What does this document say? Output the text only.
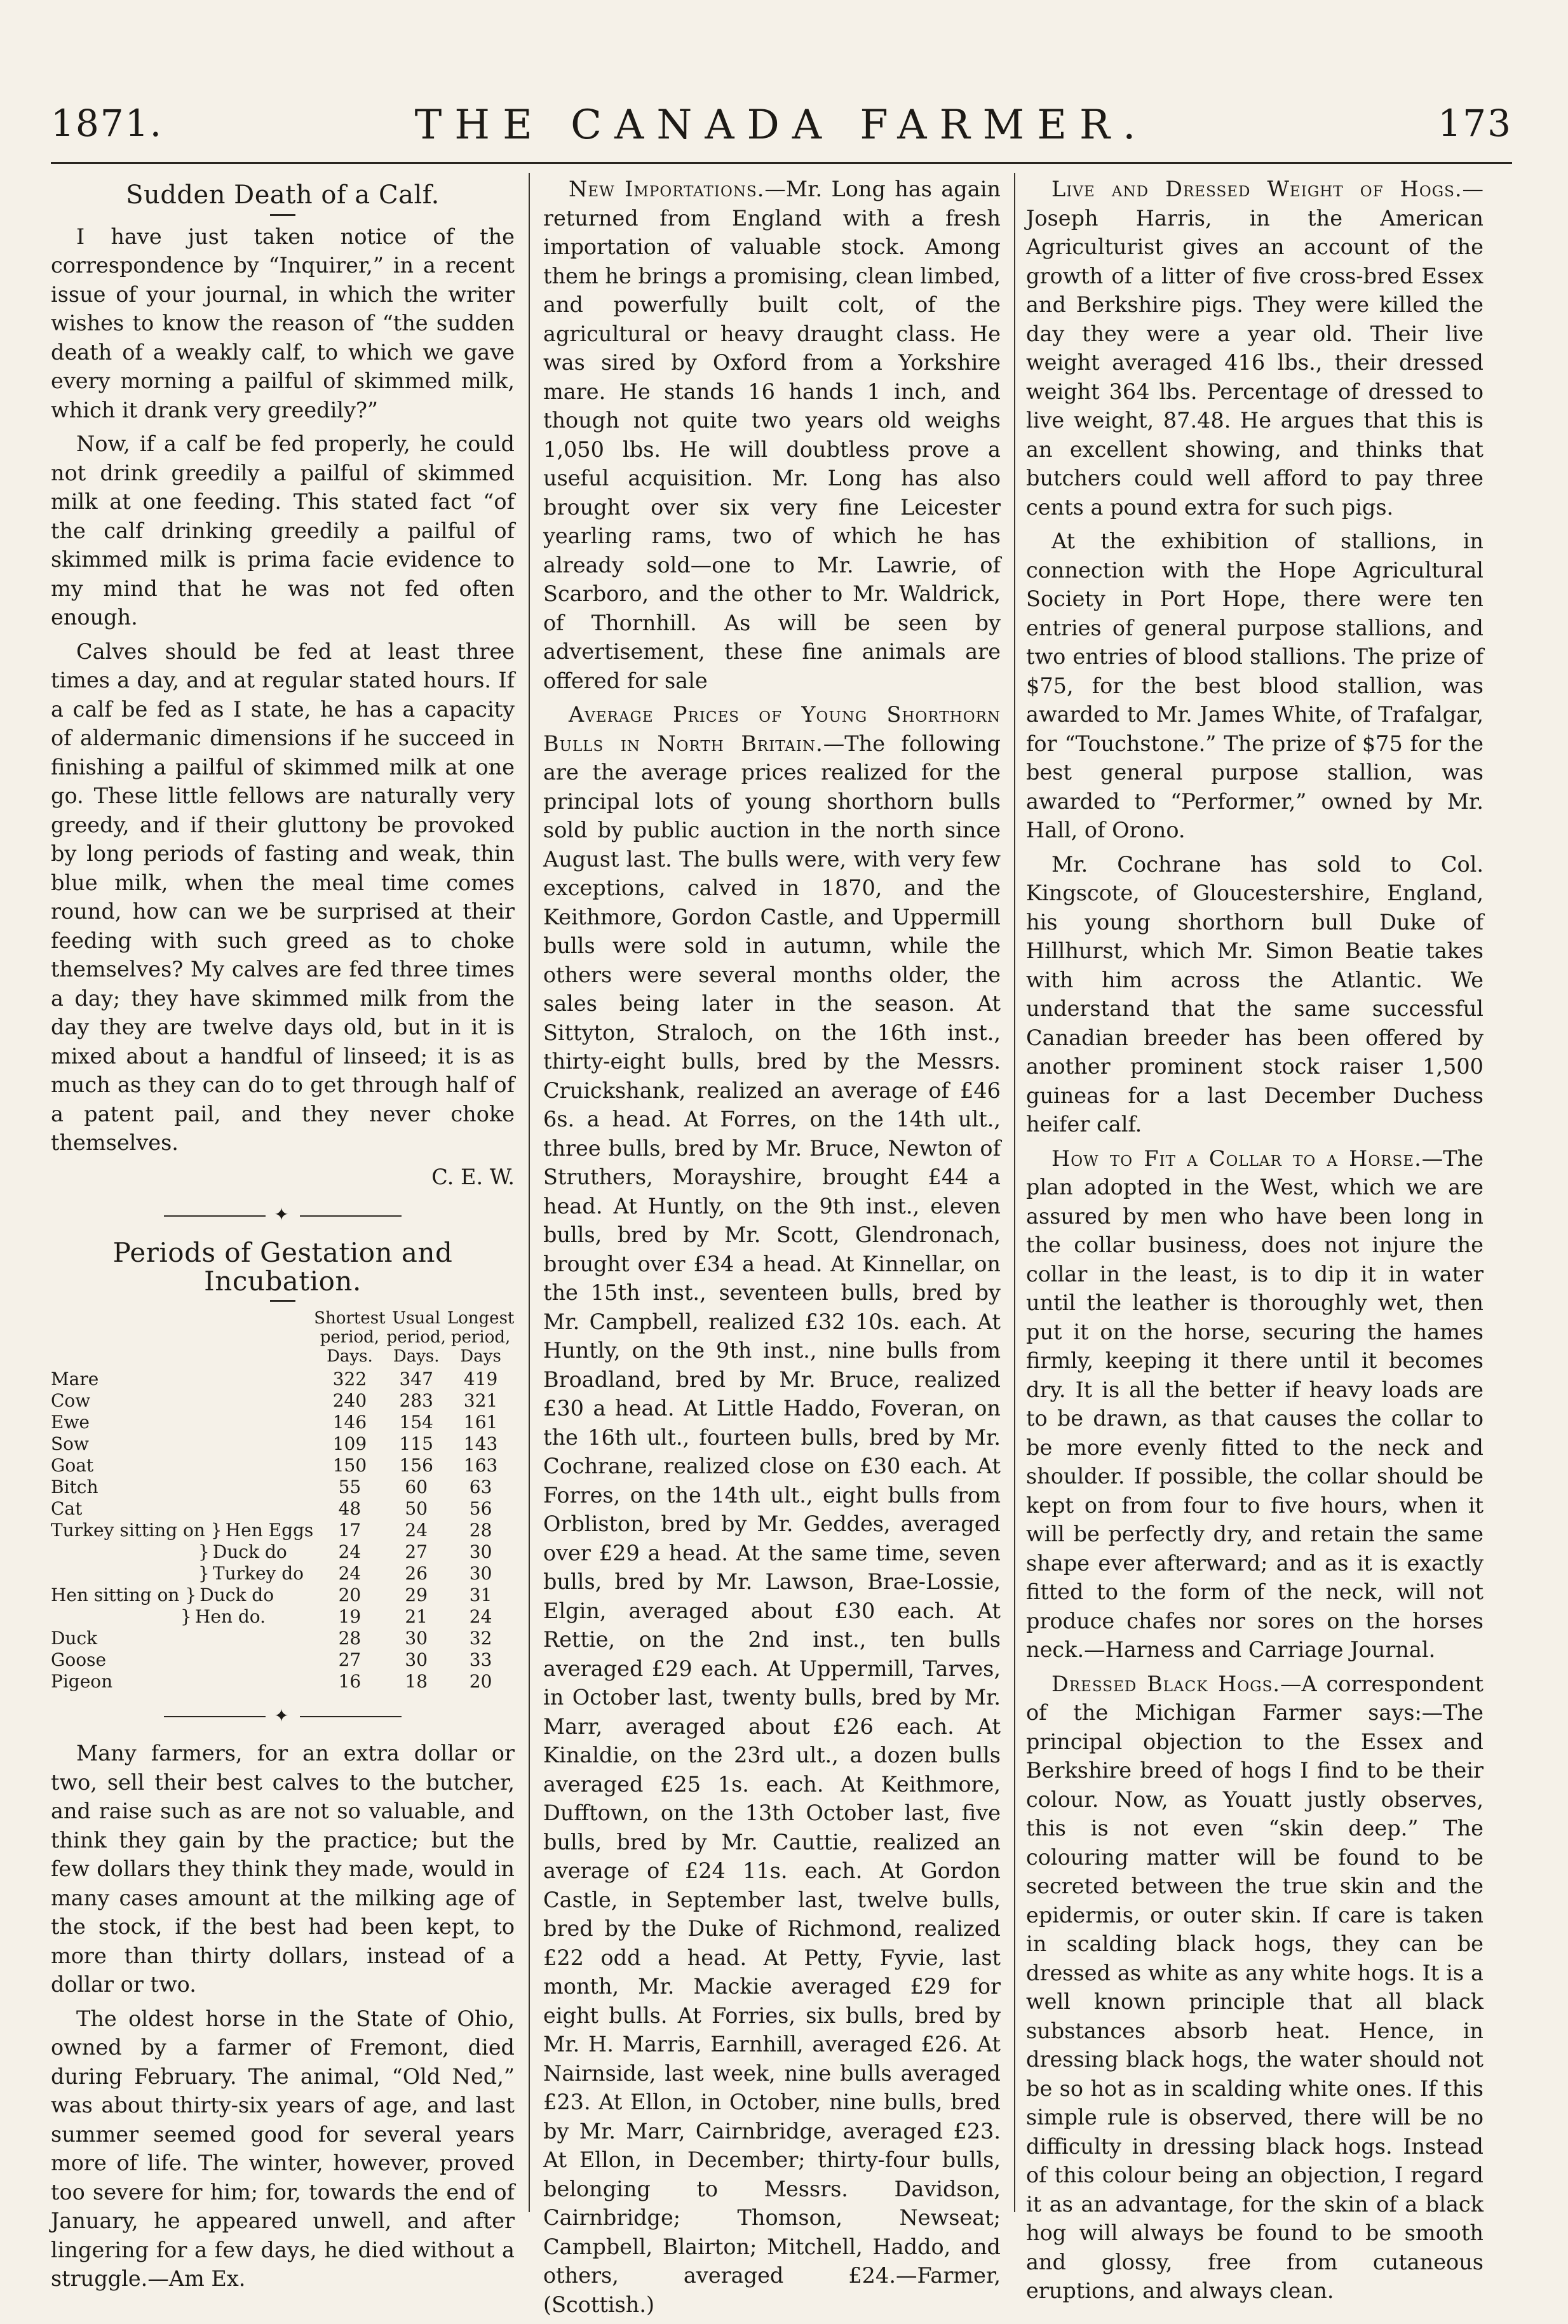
1871.	THE CANADA FARMER.	173
Sudden Death of a Calf.

I have just taken notice of the correspondence by “Inquirer,” in a recent issue of your journal, in which the writer wishes to know the reason of “the sudden death of a weakly calf, to which we gave every morning a pailful of skimmed milk, which it drank very greedily?”

Now, if a calf be fed properly, he could not drink greedily a pailful of skimmed milk at one feeding. This stated fact “of the calf drinking greedily a pailful of skimmed milk is prima facie evidence to my mind that he was not fed often enough.

Calves should be fed at least three times a day, and at regular stated hours. If a calf be fed as I state, he has a capacity of aldermanic dimensions if he succeed in finishing a pailful of skimmed milk at one go. These little fellows are naturally very greedy, and if their gluttony be provoked by long periods of fasting and weak, thin blue milk, when the meal time comes round, how can we be surprised at their feeding with such greed as to choke themselves? My calves are fed three times a day; they have skimmed milk from the day they are twelve days old, but in it is mixed about a handful of linseed; it is as much as they can do to get through half of a patent pail, and they never choke themselves.

C. E. W.

✦
Periods of Gestation and Incubation.
	Shortest period, Days.	Usual period, Days.	Longest period, Days
Mare	322	347	419
Cow	240	283	321
Ewe	146	154	161
Sow	109	115	143
Goat	150	156	163
Bitch	55	60	63
Cat	48	50	56
Turkey sitting on } Hen Eggs	17	24	28
} Duck do	24	27	30
} Turkey do	24	26	30
Hen sitting on } Duck do	20	29	31
} Hen do.	19	21	24
Duck	28	30	32
Goose	27	30	33
Pigeon	16	18	20
✦

Many farmers, for an extra dollar or two, sell their best calves to the butcher, and raise such as are not so valuable, and think they gain by the practice; but the few dollars they think they made, would in many cases amount at the milking age of the stock, if the best had been kept, to more than thirty dollars, instead of a dollar or two.

The oldest horse in the State of Ohio, owned by a farmer of Fremont, died during February. The animal, “Old Ned,” was about thirty-six years of age, and last summer seemed good for several years more of life. The winter, however, proved too severe for him; for, towards the end of January, he appeared unwell, and after lingering for a few days, he died without a struggle.—Am Ex.

New Importations.—Mr. Long has again returned from England with a fresh importation of valuable stock. Among them he brings a promising, clean limbed, and powerfully built colt, of the agricultural or heavy draught class. He was sired by Oxford from a Yorkshire mare. He stands 16 hands 1 inch, and though not quite two years old weighs 1,050 lbs. He will doubtless prove a useful acquisition. Mr. Long has also brought over six very fine Leicester yearling rams, two of which he has already sold—one to Mr. Lawrie, of Scarboro, and the other to Mr. Waldrick, of Thornhill. As will be seen by advertisement, these fine animals are offered for sale

Average Prices of Young Shorthorn Bulls in North Britain.—The following are the average prices realized for the principal lots of young shorthorn bulls sold by public auction in the north since August last. The bulls were, with very few exceptions, calved in 1870, and the Keithmore, Gordon Castle, and Uppermill bulls were sold in autumn, while the others were several months older, the sales being later in the season. At Sittyton, Straloch, on the 16th inst., thirty-eight bulls, bred by the Messrs. Cruickshank, realized an average of £46 6s. a head. At Forres, on the 14th ult., three bulls, bred by Mr. Bruce, Newton of Struthers, Morayshire, brought £44 a head. At Huntly, on the 9th inst., eleven bulls, bred by Mr. Scott, Glendronach, brought over £34 a head. At Kinnellar, on the 15th inst., seventeen bulls, bred by Mr. Campbell, realized £32 10s. each. At Huntly, on the 9th inst., nine bulls from Broadland, bred by Mr. Bruce, realized £30 a head. At Little Haddo, Foveran, on the 16th ult., fourteen bulls, bred by Mr. Cochrane, realized close on £30 each. At Forres, on the 14th ult., eight bulls from Orbliston, bred by Mr. Geddes, averaged over £29 a head. At the same time, seven bulls, bred by Mr. Lawson, Brae-Lossie, Elgin, averaged about £30 each. At Rettie, on the 2nd inst., ten bulls averaged £29 each. At Uppermill, Tarves, in October last, twenty bulls, bred by Mr. Marr, averaged about £26 each. At Kinaldie, on the 23rd ult., a dozen bulls averaged £25 1s. each. At Keithmore, Dufftown, on the 13th October last, five bulls, bred by Mr. Cauttie, realized an average of £24 11s. each. At Gordon Castle, in September last, twelve bulls, bred by the Duke of Richmond, realized £22 odd a head. At Petty, Fyvie, last month, Mr. Mackie averaged £29 for eight bulls. At Forries, six bulls, bred by Mr. H. Marris, Earnhill, averaged £26. At Nairnside, last week, nine bulls averaged £23. At Ellon, in October, nine bulls, bred by Mr. Marr, Cairnbridge, averaged £23. At Ellon, in December; thirty-four bulls, belonging to Messrs. Davidson, Cairnbridge; Thomson, Newseat; Campbell, Blairton; Mitchell, Haddo, and others, averaged £24.—Farmer, (Scottish.)

Live and Dressed Weight of Hogs.—Joseph Harris, in the American Agriculturist gives an account of the growth of a litter of five cross-bred Essex and Berkshire pigs. They were killed the day they were a year old. Their live weight averaged 416 lbs., their dressed weight 364 lbs. Percentage of dressed to live weight, 87.48. He argues that this is an excellent showing, and thinks that butchers could well afford to pay three cents a pound extra for such pigs.

At the exhibition of stallions, in connection with the Hope Agricultural Society in Port Hope, there were ten entries of general purpose stallions, and two entries of blood stallions. The prize of $75, for the best blood stallion, was awarded to Mr. James White, of Trafalgar, for “Touchstone.” The prize of $75 for the best general purpose stallion, was awarded to “Performer,” owned by Mr. Hall, of Orono.

Mr. Cochrane has sold to Col. Kingscote, of Gloucestershire, England, his young shorthorn bull Duke of Hillhurst, which Mr. Simon Beatie takes with him across the Atlantic. We understand that the same successful Canadian breeder has been offered by another prominent stock raiser 1,500 guineas for a last December Duchess heifer calf.

How to Fit a Collar to a Horse.—The plan adopted in the West, which we are assured by men who have been long in the collar business, does not injure the collar in the least, is to dip it in water until the leather is thoroughly wet, then put it on the horse, securing the hames firmly, keeping it there until it becomes dry. It is all the better if heavy loads are to be drawn, as that causes the collar to be more evenly fitted to the neck and shoulder. If possible, the collar should be kept on from four to five hours, when it will be perfectly dry, and retain the same shape ever afterward; and as it is exactly fitted to the form of the neck, will not produce chafes nor sores on the horses neck.—Harness and Carriage Journal.

Dressed Black Hogs.—A correspondent of the Michigan Farmer says:—The principal objection to the Essex and Berkshire breed of hogs I find to be their colour. Now, as Youatt justly observes, this is not even “skin deep.” The colouring matter will be found to be secreted between the true skin and the epidermis, or outer skin. If care is taken in scalding black hogs, they can be dressed as white as any white hogs. It is a well known principle that all black substances absorb heat. Hence, in dressing black hogs, the water should not be so hot as in scalding white ones. If this simple rule is observed, there will be no difficulty in dressing black hogs. Instead of this colour being an objection, I regard it as an advantage, for the skin of a black hog will always be found to be smooth and glossy, free from cutaneous eruptions, and always clean.
